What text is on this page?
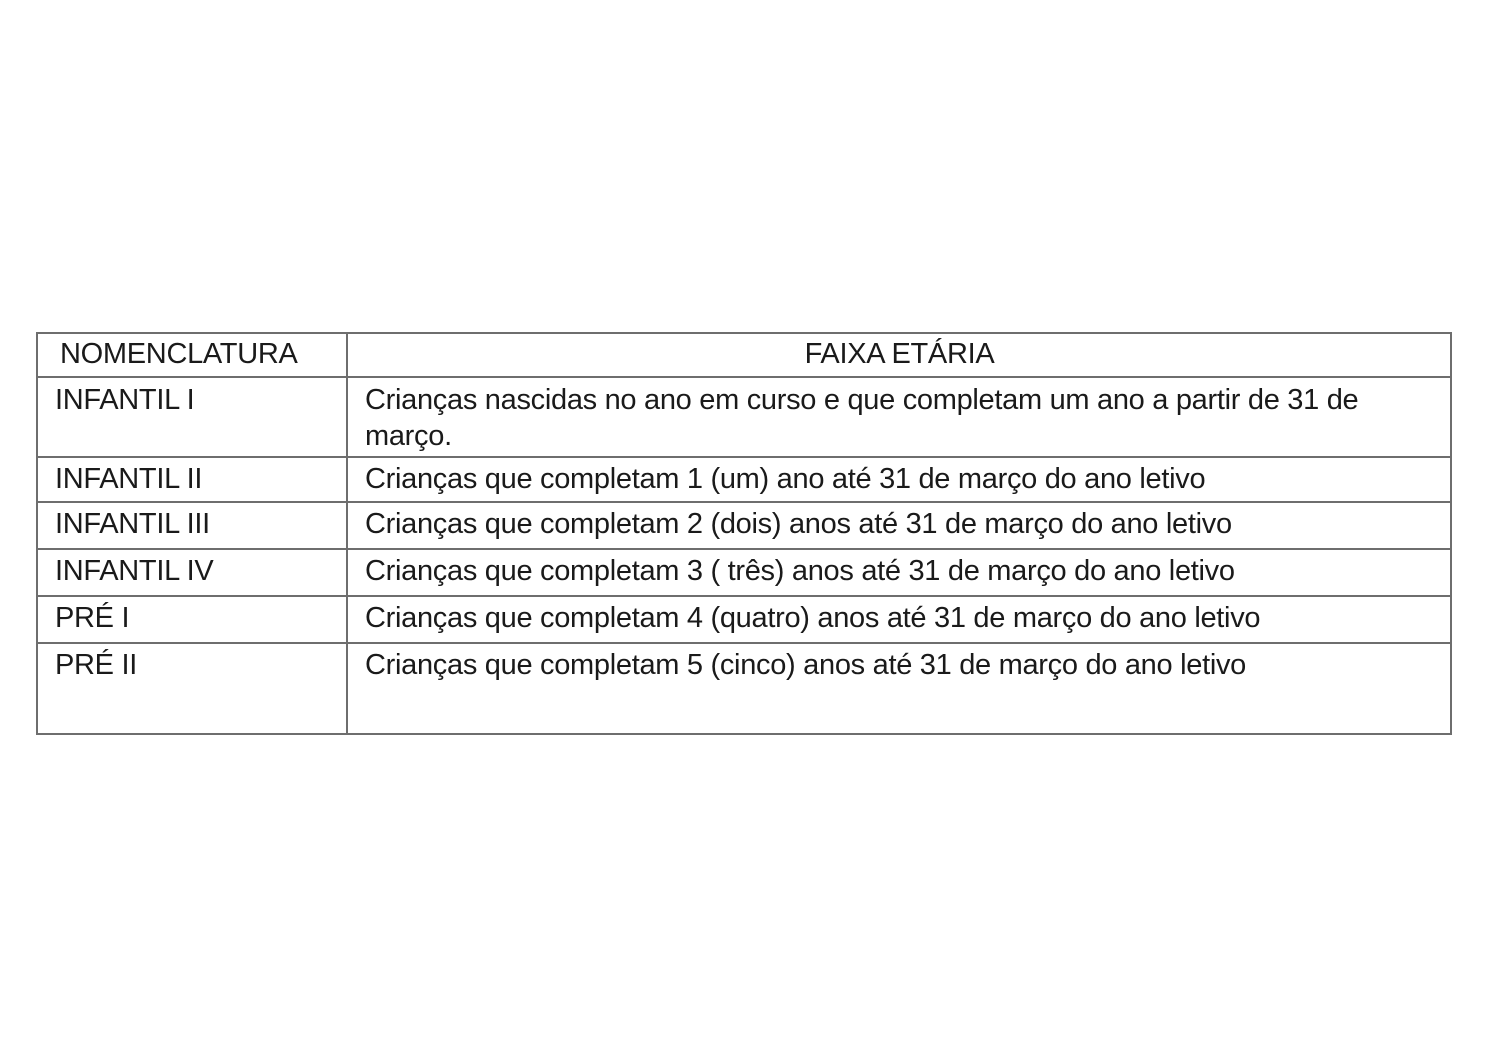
NOMENCLATURA	FAIXA ETÁRIA
INFANTIL I	Crianças nascidas no ano em curso e que completam um ano a partir de 31 de março.
INFANTIL II	Crianças que completam 1 (um) ano até 31 de março do ano letivo
INFANTIL III	Crianças que completam 2 (dois) anos até 31 de março do ano letivo
INFANTIL IV	Crianças que completam 3 ( três) anos até 31 de março do ano letivo
PRÉ I	Crianças que completam 4 (quatro) anos até 31 de março do ano letivo
PRÉ II	Crianças que completam 5 (cinco) anos até 31 de março do ano letivo
